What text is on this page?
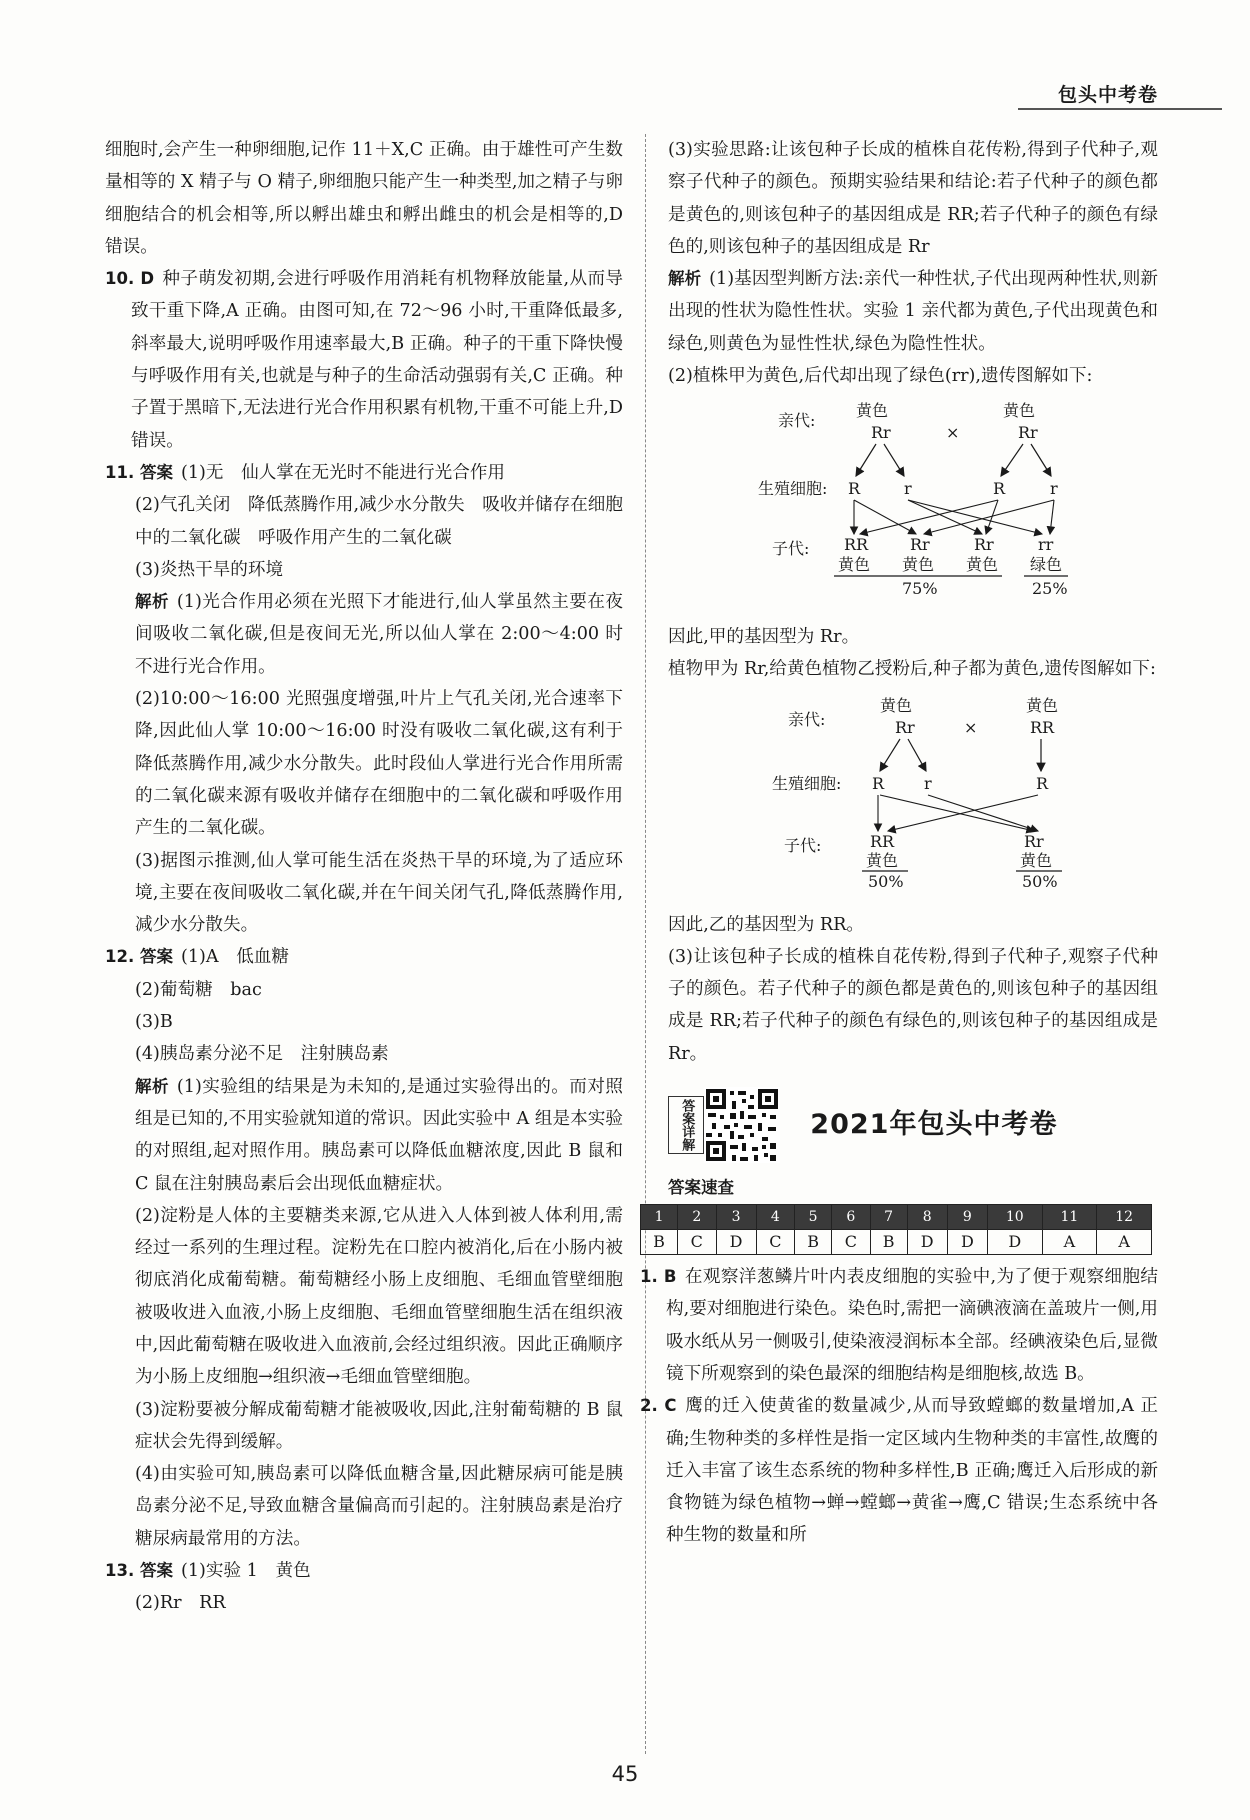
包头中考卷

细胞时,会产生一种卵细胞,记作 11＋X,C 正确。由于雄性可产生数量相等的 X 精子与 O 精子,卵细胞只能产生一种类型,加之精子与卵细胞结合的机会相等,所以孵出雄虫和孵出雌虫的机会是相等的,D 错误。

10. D 种子萌发初期,会进行呼吸作用消耗有机物释放能量,从而导致干重下降,A 正确。由图可知,在 72～96 小时,干重降低最多,斜率最大,说明呼吸作用速率最大,B 正确。种子的干重下降快慢与呼吸作用有关,也就是与种子的生命活动强弱有关,C 正确。种子置于黑暗下,无法进行光合作用积累有机物,干重不可能上升,D 错误。

11. 答案 (1)无　仙人掌在无光时不能进行光合作用

(2)气孔关闭　降低蒸腾作用,减少水分散失　吸收并储存在细胞中的二氧化碳　呼吸作用产生的二氧化碳

(3)炎热干旱的环境

解析 (1)光合作用必须在光照下才能进行,仙人掌虽然主要在夜间吸收二氧化碳,但是夜间无光,所以仙人掌在 2:00～4:00 时不进行光合作用。

(2)10:00～16:00 光照强度增强,叶片上气孔关闭,光合速率下降,因此仙人掌 10:00～16:00 时没有吸收二氧化碳,这有利于降低蒸腾作用,减少水分散失。此时段仙人掌进行光合作用所需的二氧化碳来源有吸收并储存在细胞中的二氧化碳和呼吸作用产生的二氧化碳。

(3)据图示推测,仙人掌可能生活在炎热干旱的环境,为了适应环境,主要在夜间吸收二氧化碳,并在午间关闭气孔,降低蒸腾作用,减少水分散失。

12. 答案 (1)A　低血糖

(2)葡萄糖　bac

(3)B

(4)胰岛素分泌不足　注射胰岛素

解析 (1)实验组的结果是为未知的,是通过实验得出的。而对照组是已知的,不用实验就知道的常识。因此实验中 A 组是本实验的对照组,起对照作用。胰岛素可以降低血糖浓度,因此 B 鼠和 C 鼠在注射胰岛素后会出现低血糖症状。

(2)淀粉是人体的主要糖类来源,它从进入人体到被人体利用,需经过一系列的生理过程。淀粉先在口腔内被消化,后在小肠内被彻底消化成葡萄糖。葡萄糖经小肠上皮细胞、毛细血管壁细胞被吸收进入血液,小肠上皮细胞、毛细血管壁细胞生活在组织液中,因此葡萄糖在吸收进入血液前,会经过组织液。因此正确顺序为小肠上皮细胞→组织液→毛细血管壁细胞。

(3)淀粉要被分解成葡萄糖才能被吸收,因此,注射葡萄糖的 B 鼠症状会先得到缓解。

(4)由实验可知,胰岛素可以降低血糖含量,因此糖尿病可能是胰岛素分泌不足,导致血糖含量偏高而引起的。注射胰岛素是治疗糖尿病最常用的方法。

13. 答案 (1)实验 1　黄色

(2)Rr　RR

(3)实验思路:让该包种子长成的植株自花传粉,得到子代种子,观察子代种子的颜色。预期实验结果和结论:若子代种子的颜色都是黄色的,则该包种子的基因组成是 RR;若子代种子的颜色有绿色的,则该包种子的基因组成是 Rr

解析 (1)基因型判断方法:亲代一种性状,子代出现两种性状,则新出现的性状为隐性性状。实验 1 亲代都为黄色,子代出现黄色和绿色,则黄色为显性性状,绿色为隐性性状。

(2)植株甲为黄色,后代却出现了绿色(rr),遗传图解如下:

亲代:
黄色
Rr	×
黄色
Rr
生殖细胞: R	r	R	r
子代: RR	Rr	Rr	rr
黄色 黄色 黄色 绿色
75%	25%

因此,甲的基因型为 Rr。

植物甲为 Rr,给黄色植物乙授粉后,种子都为黄色,遗传图解如下:

亲代:
黄色
Rr	×
黄色
RR
生殖细胞: R r	R
子代:	RR	Rr
黄色	黄色
50%	50%

因此,乙的基因型为 RR。

(3)让该包种子长成的植株自花传粉,得到子代种子,观察子代种子的颜色。若子代种子的颜色都是黄色的,则该包种子的基因组成是 RR;若子代种子的颜色有绿色的,则该包种子的基因组成是 Rr。

答案详解	2021年包头中考卷
答案速查
1	2	3	4	5	6	7	8	9	10	11	12
B	C	D	C	B	C	B	D	D	D	A	A

1. B 在观察洋葱鳞片叶内表皮细胞的实验中,为了便于观察细胞结构,要对细胞进行染色。染色时,需把一滴碘液滴在盖玻片一侧,用吸水纸从另一侧吸引,使染液浸润标本全部。经碘液染色后,显微镜下所观察到的染色最深的细胞结构是细胞核,故选 B。

2. C 鹰的迁入使黄雀的数量减少,从而导致螳螂的数量增加,A 正确;生物种类的多样性是指一定区域内生物种类的丰富性,故鹰的迁入丰富了该生态系统的物种多样性,B 正确;鹰迁入后形成的新食物链为绿色植物→蝉→螳螂→黄雀→鹰,C 错误;生态系统中各种生物的数量和所

45
